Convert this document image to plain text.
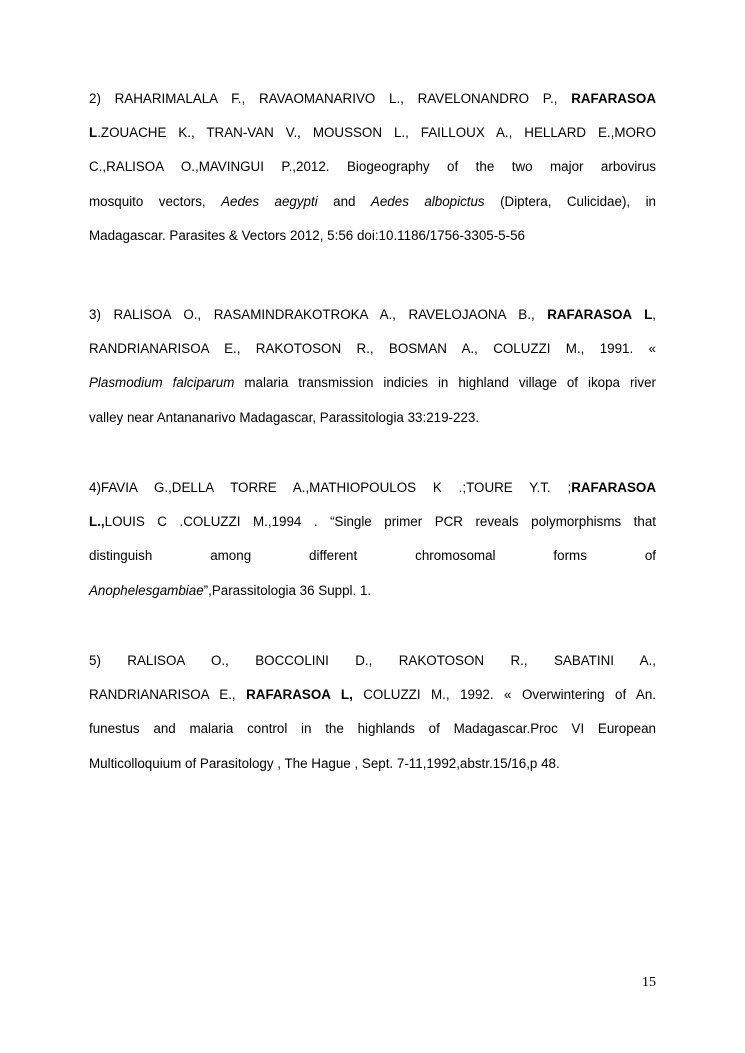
2) RAHARIMALALA F., RAVAOMANARIVO L., RAVELONANDRO P., RAFARASOA
L.ZOUACHE K., TRAN-VAN V., MOUSSON L., FAILLOUX A., HELLARD E.,MORO
C.,RALISOA O.,MAVINGUI P.,2012. Biogeography of the two major arbovirus
mosquito vectors, Aedes aegypti and Aedes albopictus (Diptera, Culicidae), in
Madagascar. Parasites & Vectors 2012, 5:56 doi:10.1186/1756-3305-5-56
3) RALISOA O., RASAMINDRAKOTROKA A., RAVELOJAONA B., RAFARASOA L,
RANDRIANARISOA E., RAKOTOSON R., BOSMAN A., COLUZZI M., 1991. «
Plasmodium falciparum malaria transmission indicies in highland village of ikopa river
valley near Antananarivo Madagascar, Parassitologia 33:219-223.
4)FAVIA G.,DELLA TORRE A.,MATHIOPOULOS K .;TOURE Y.T. ;RAFARASOA
L.,LOUIS C .COLUZZI M.,1994 . “Single primer PCR reveals polymorphisms that
distinguish among different chromosomal forms of
Anophelesgambiae”,Parassitologia 36 Suppl. 1.
5) RALISOA O., BOCCOLINI D., RAKOTOSON R., SABATINI A.,
RANDRIANARISOA E., RAFARASOA L, COLUZZI M., 1992. « Overwintering of An.
funestus and malaria control in the highlands of Madagascar.Proc VI European
Multicolloquium of Parasitology , The Hague , Sept. 7-11,1992,abstr.15/16,p 48.
15
